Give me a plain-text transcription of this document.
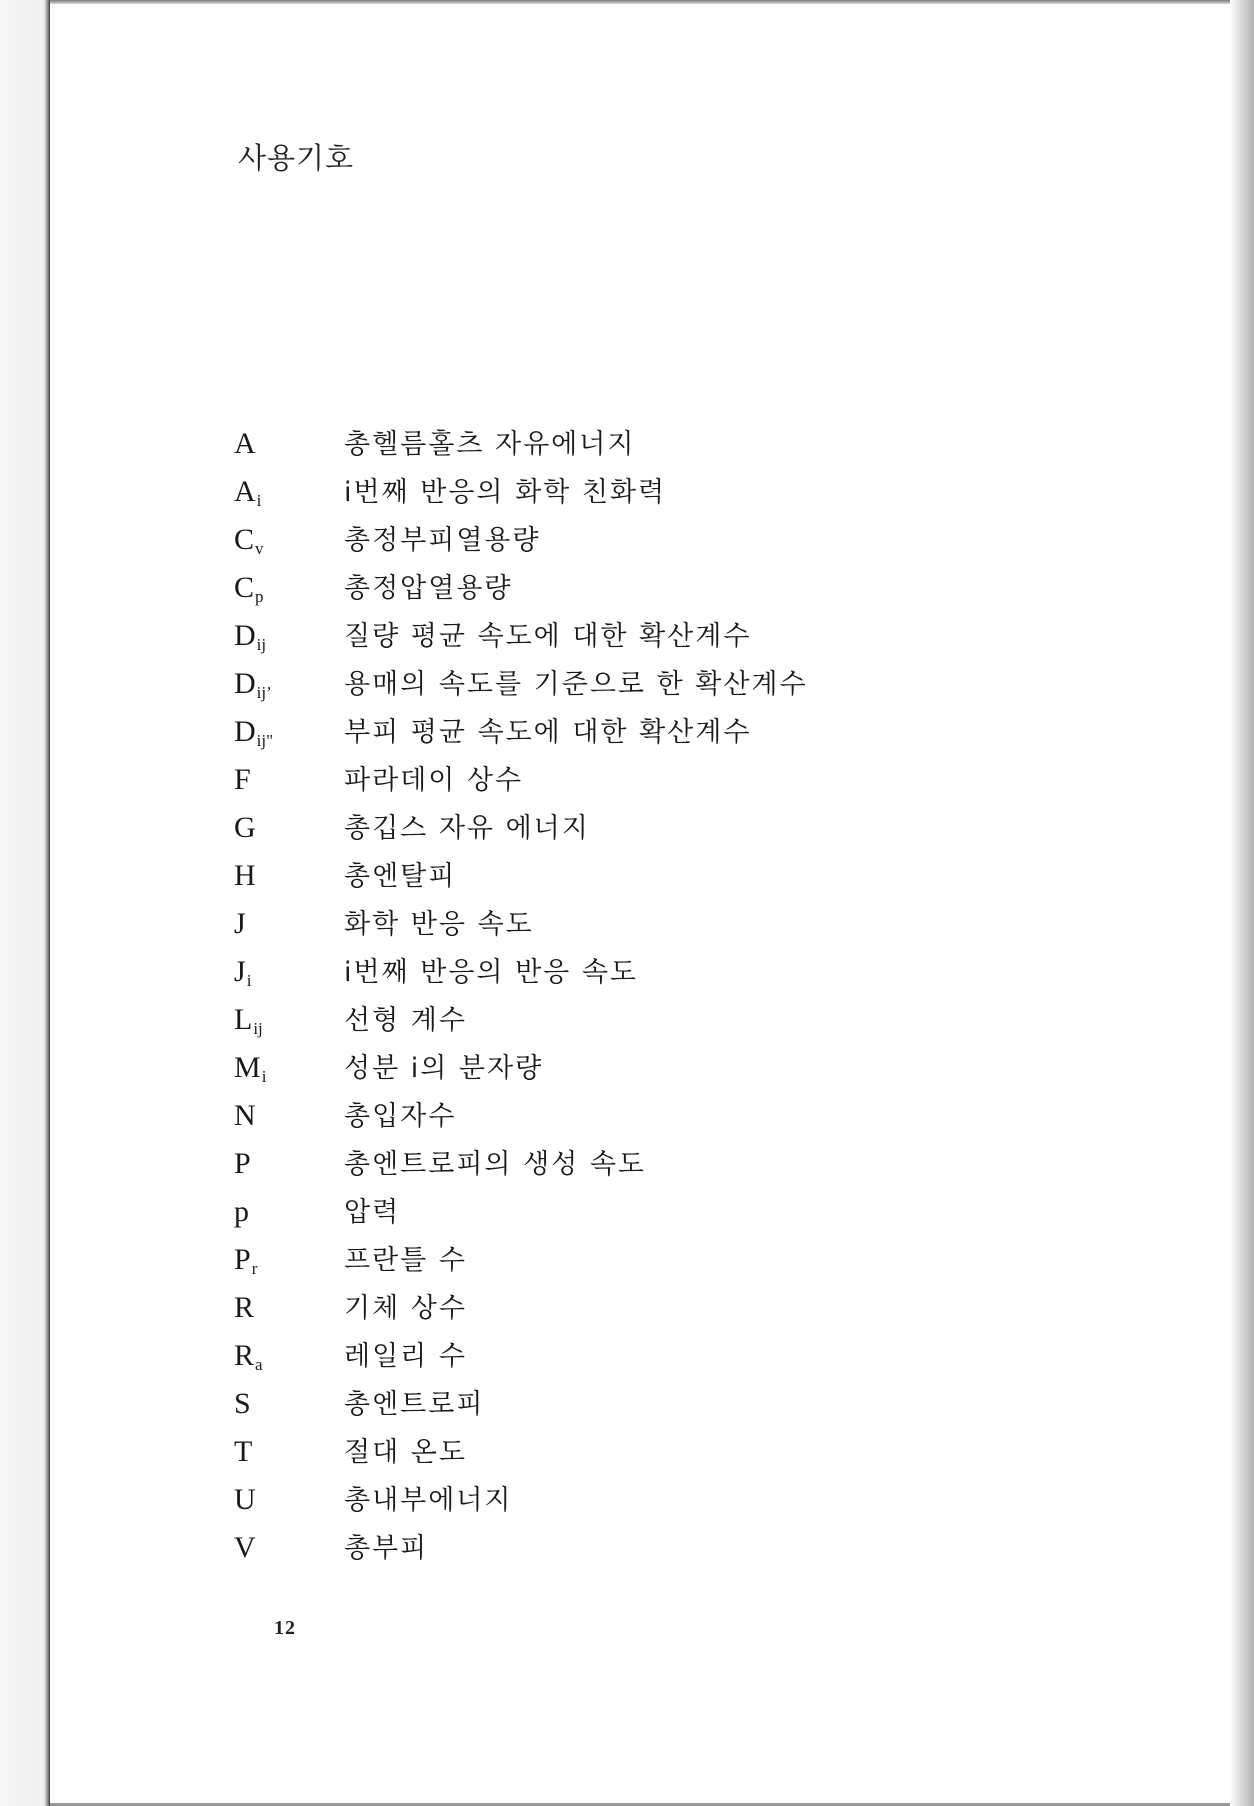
사용기호
A	총헬름홀츠 자유에너지
Ai	i번째 반응의 화학 친화력
Cv	총정부피열용량
Cp	총정압열용량
Dij	질량 평균 속도에 대한 확산계수
Dij’	용매의 속도를 기준으로 한 확산계수
Dij"	부피 평균 속도에 대한 확산계수
F	파라데이 상수
G	총깁스 자유 에너지
H	총엔탈피
J	화학 반응 속도
Ji	i번째 반응의 반응 속도
Lij	선형 계수
Mi	성분 i의 분자량
N	총입자수
P	총엔트로피의 생성 속도
p	압력
Pr	프란틀 수
R	기체 상수
Ra	레일리 수
S	총엔트로피
T	절대 온도
U	총내부에너지
V	총부피
12
